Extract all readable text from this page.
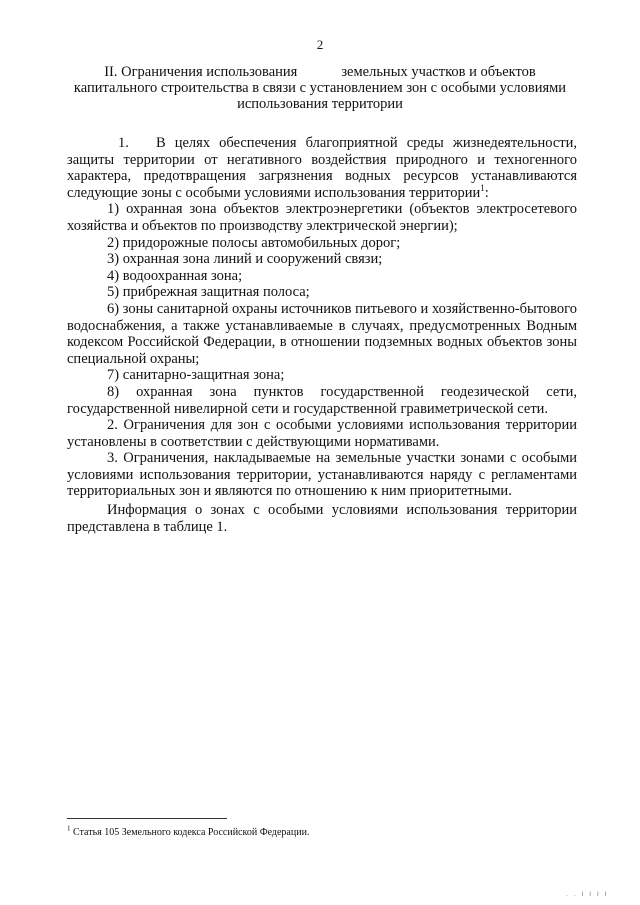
2
II. Ограничения использования	земельных участков и объектов капитального строительства в связи с установлением зон с особыми условиями использования территории

1. В целях обеспечения благоприятной среды жизнедеятельности, защиты территории от негативного воздействия природного и техногенного характера, предотвращения загрязнения водных ресурсов устанавливаются следующие зоны с особыми условиями использования территории$^1$:

1) охранная зона объектов электроэнергетики (объектов электросетевого хозяйства и объектов по производству электрической энергии);

2) придорожные полосы автомобильных дорог;

3) охранная зона линий и сооружений связи;

4) водоохранная зона;

5) прибрежная защитная полоса;

6) зоны санитарной охраны источников питьевого и хозяйственно-бытового водоснабжения, а также устанавливаемые в случаях, предусмотренных Водным кодексом Российской Федерации, в отношении подземных водных объектов зоны специальной охраны;

7) санитарно-защитная зона;

8) охранная зона пунктов государственной геодезической сети, государственной нивелирной сети и государственной гравиметрической сети.

2. Ограничения для зон с особыми условиями использования территории установлены в соответствии с действующими нормативами.

3. Ограничения, накладываемые на земельные участки зонами с особыми условиями использования территории, устанавливаются наряду с регламентами территориальных зон и являются по отношению к ним приоритетными.

Информация о зонах с особыми условиями использования территории представлена в таблице 1.

$^1$ Статья 105 Земельного кодекса Российской Федерации.
. . I I I I
